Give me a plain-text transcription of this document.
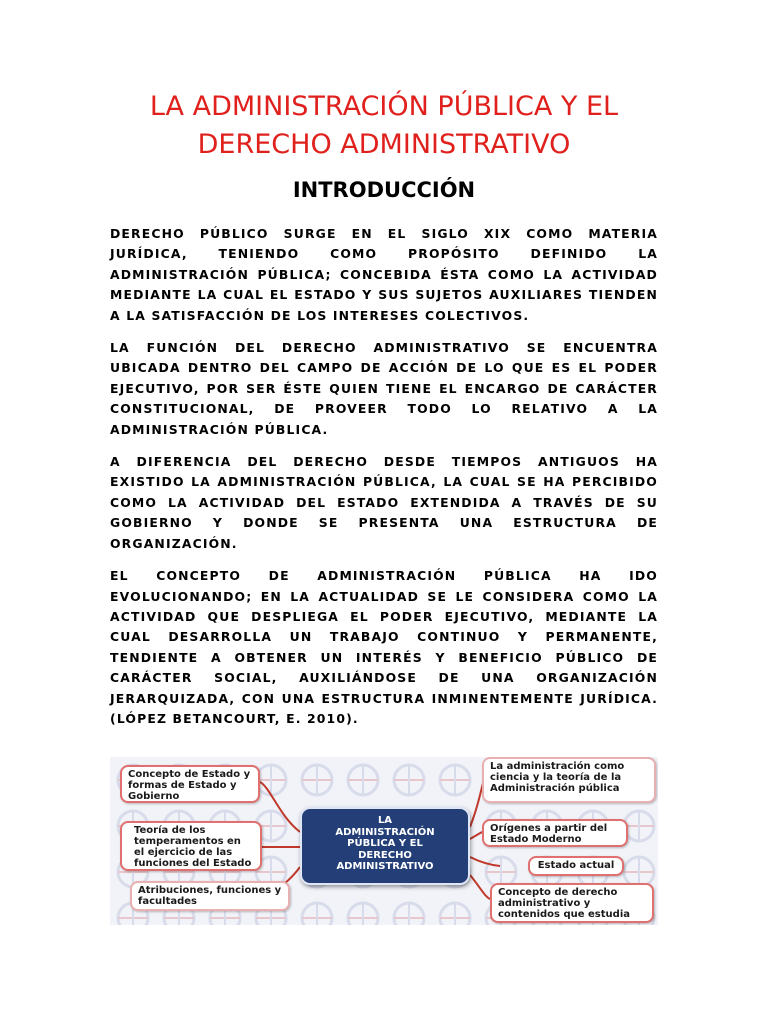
LA ADMINISTRACIÓN PÚBLICA Y EL
DERECHO ADMINISTRATIVO
INTRODUCCIÓN

DERECHO PÚBLICO SURGE EN EL SIGLO XIX COMO MATERIA JURÍDICA, TENIENDO COMO PROPÓSITO DEFINIDO LA ADMINISTRACIÓN PÚBLICA; CONCEBIDA ÉSTA COMO LA ACTIVIDAD MEDIANTE LA CUAL EL ESTADO Y SUS SUJETOS AUXILIARES TIENDEN A LA SATISFACCIÓN DE LOS INTERESES COLECTIVOS.

LA FUNCIÓN DEL DERECHO ADMINISTRATIVO SE ENCUENTRA UBICADA DENTRO DEL CAMPO DE ACCIÓN DE LO QUE ES EL PODER EJECUTIVO, POR SER ÉSTE QUIEN TIENE EL ENCARGO DE CARÁCTER CONSTITUCIONAL, DE PROVEER TODO LO RELATIVO A LA ADMINISTRACIÓN PÚBLICA.

A DIFERENCIA DEL DERECHO DESDE TIEMPOS ANTIGUOS HA EXISTIDO LA ADMINISTRACIÓN PÚBLICA, LA CUAL SE HA PERCIBIDO COMO LA ACTIVIDAD DEL ESTADO EXTENDIDA A TRAVÉS DE SU GOBIERNO Y DONDE SE PRESENTA UNA ESTRUCTURA DE ORGANIZACIÓN.

EL CONCEPTO DE ADMINISTRACIÓN PÚBLICA HA IDO EVOLUCIONANDO; EN LA ACTUALIDAD SE LE CONSIDERA COMO LA ACTIVIDAD QUE DESPLIEGA EL PODER EJECUTIVO, MEDIANTE LA CUAL DESARROLLA UN TRABAJO CONTINUO Y PERMANENTE, TENDIENTE A OBTENER UN INTERÉS Y BENEFICIO PÚBLICO DE CARÁCTER SOCIAL, AUXILIÁNDOSE DE UNA ORGANIZACIÓN JERARQUIZADA, CON UNA ESTRUCTURA INMINENTEMENTE JURÍDICA. (LÓPEZ BETANCOURT, E. 2010).

Concepto de Estado y formas de Estado y Gobierno
Teoría de los temperamentos en el ejercicio de las funciones del Estado
Atribuciones, funciones y facultades
LA
ADMINISTRACIÓN
PÚBLICA Y EL
DERECHO
ADMINISTRATIVO
La administración como ciencia y la teoría de la Administración pública
Orígenes a partir del Estado Moderno
Estado actual
Concepto de derecho administrativo y contenidos que estudia
